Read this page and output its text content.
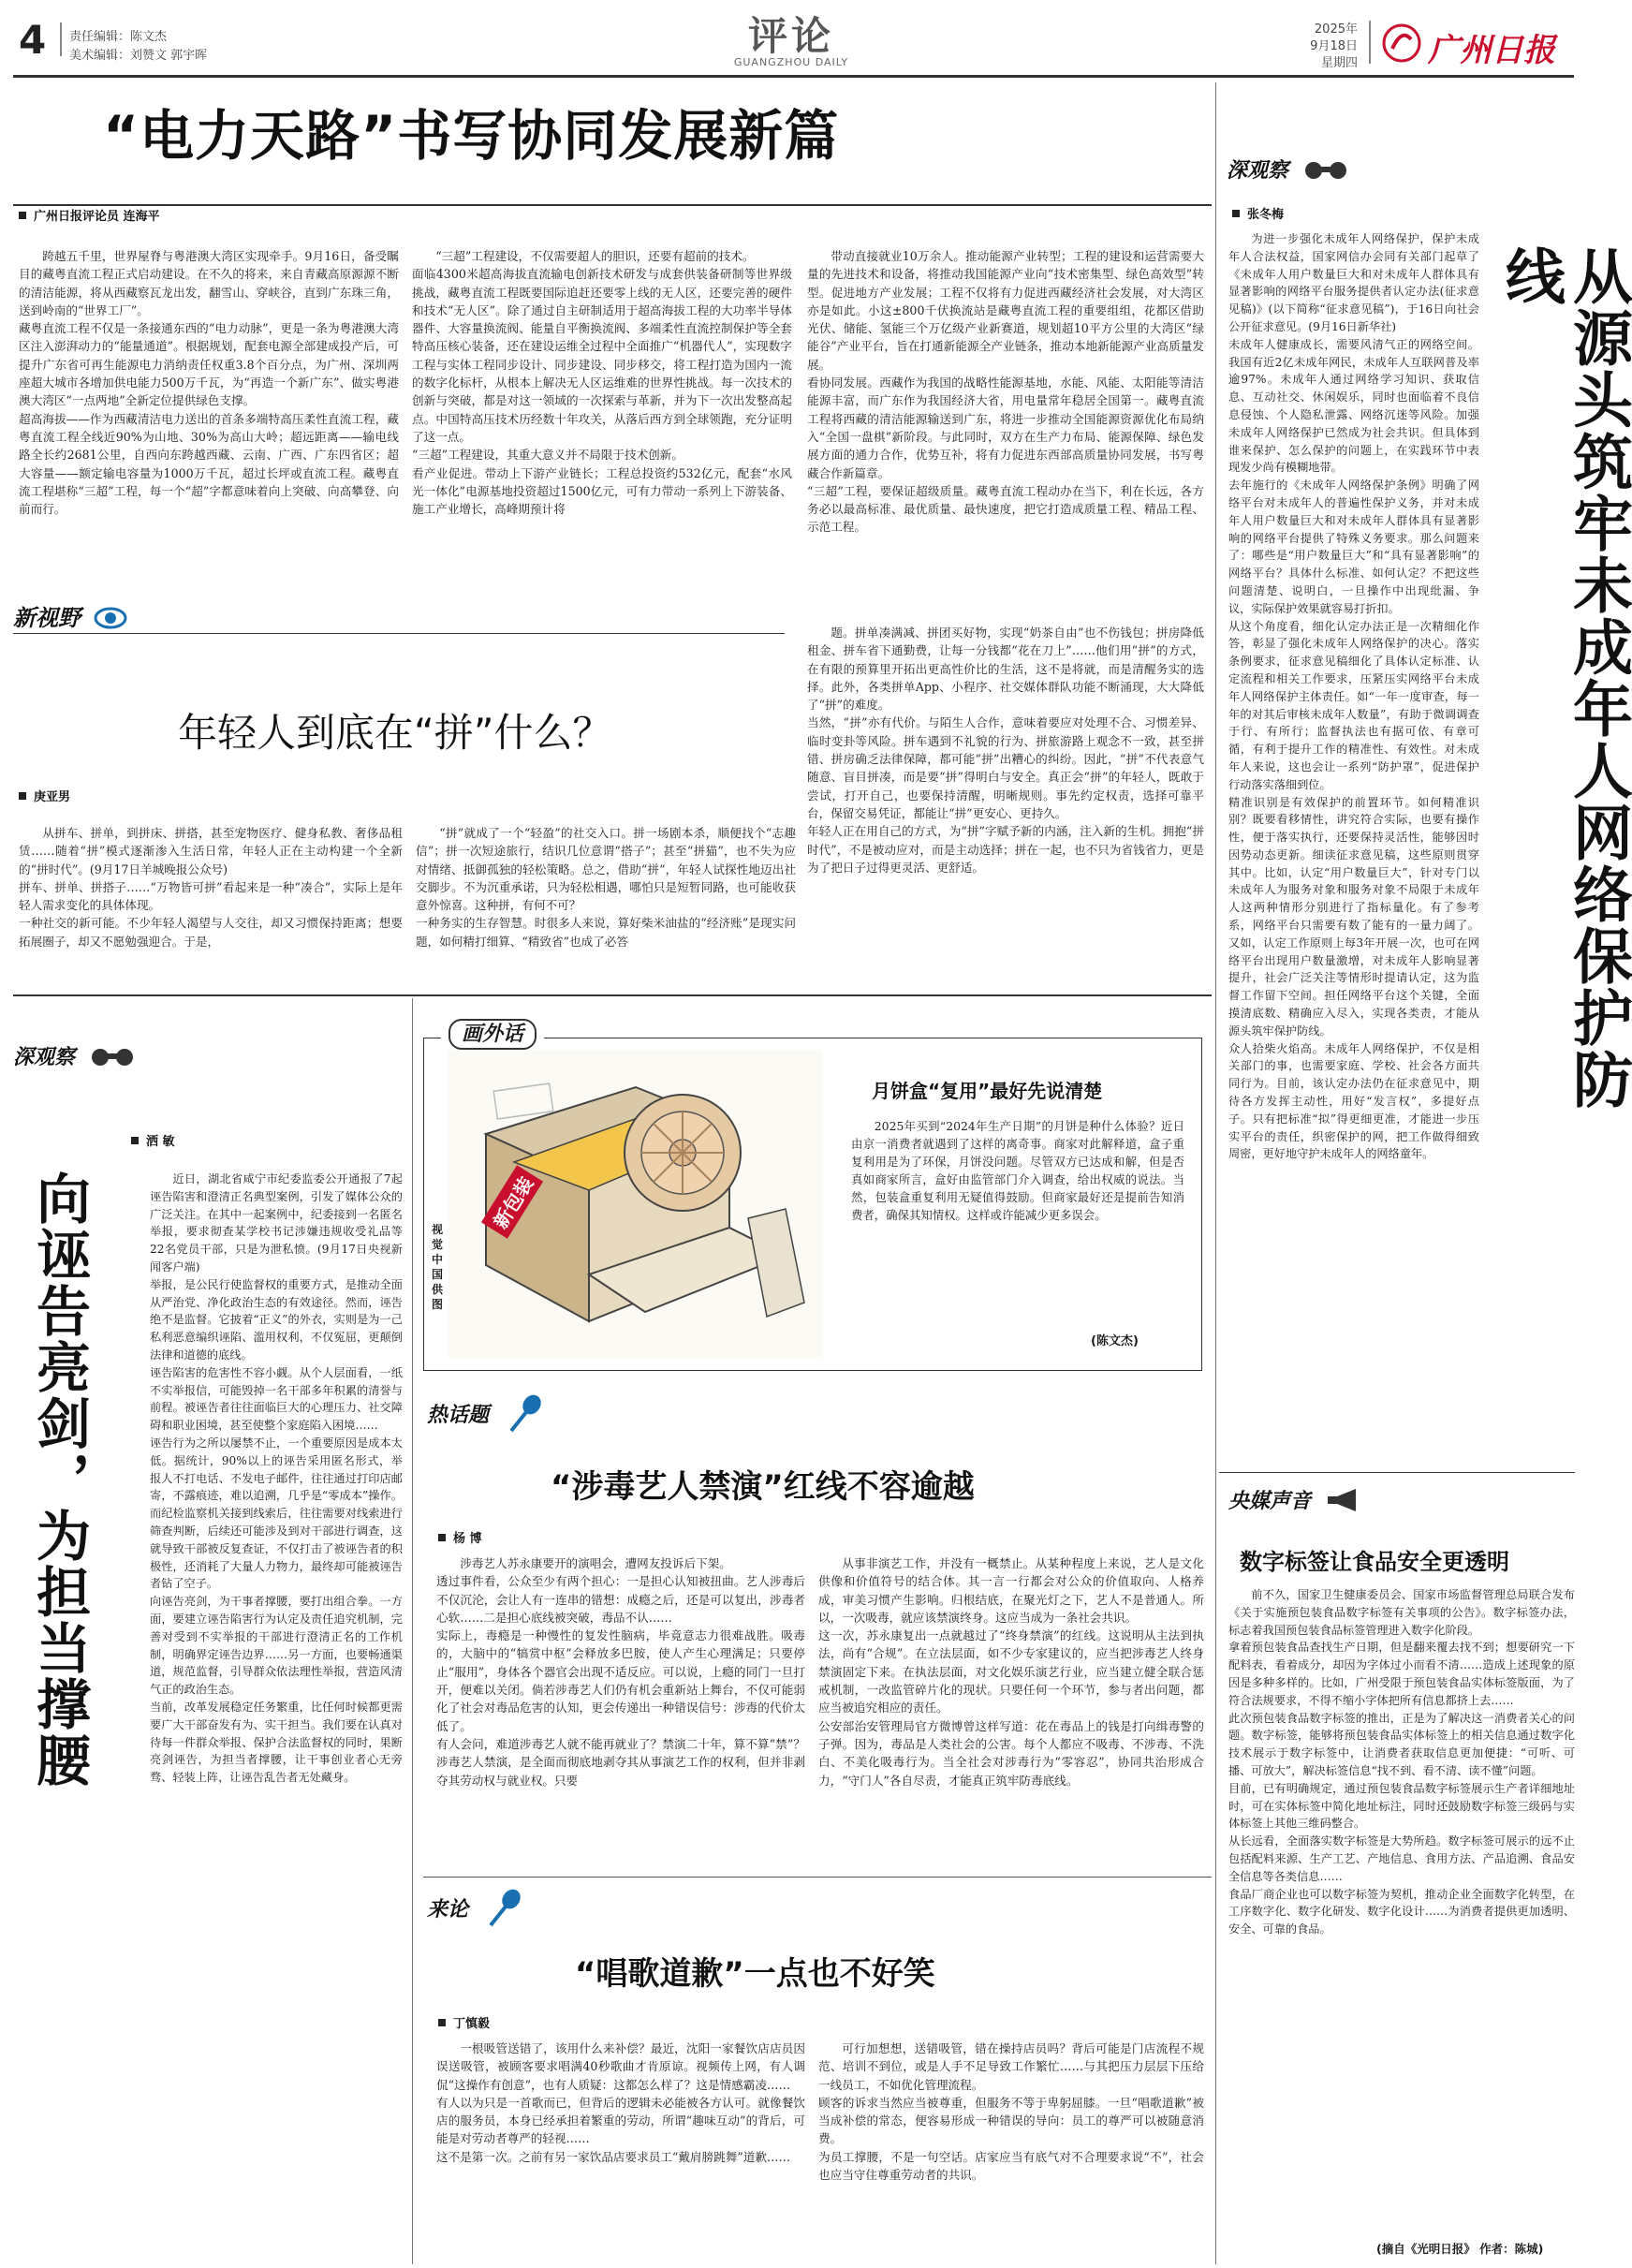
4 责任编辑：陈文杰
美术编辑：刘赞文 郭宇晖	评论
GUANGZHOU DAILY
2025年
9月18日
星期四 广州日报
“电力天路”书写协同发展新篇
广州日报评论员 连海平
跨越五千里，世界屋脊与粤港澳大湾区实现牵手。9月16日，备受瞩目的藏粤直流工程正式启动建设。在不久的将来，来自青藏高原源源不断的清洁能源，将从西藏察瓦龙出发，翻雪山、穿峡谷，直到广东珠三角，送到岭南的“世界工厂”。
藏粤直流工程不仅是一条接通东西的“电力动脉”，更是一条为粤港澳大湾区注入澎湃动力的“能量通道”。根据规划，配套电源全部建成投产后，可提升广东省可再生能源电力消纳责任权重3.8个百分点，为广州、深圳两座超大城市各增加供电能力500万千瓦，为“再造一个新广东”、做实粤港澳大湾区“一点两地”全新定位提供绿色支撑。
超高海拔——作为西藏清洁电力送出的首条多端特高压柔性直流工程，藏粤直流工程全线近90%为山地、30%为高山大岭；超远距离——输电线路全长约2681公里，自西向东跨越西藏、云南、广西、广东四省区；超大容量——额定输电容量为1000万千瓦，超过长坪或直流工程。藏粤直流工程堪称“三超”工程，每一个“超”字都意味着向上突破、向高攀登、向前而行。
“三超”工程建设，不仅需要超人的胆识，还要有超前的技术。
面临4300米超高海拔直流输电创新技术研发与成套供装备研制等世界级挑战，藏粤直流工程既要国际追赶还要零上线的无人区，还要完善的硬件和技术“无人区”。除了通过自主研制适用于超高海拔工程的大功率半导体器件、大容量换流阀、能量自平衡换流阀、多端柔性直流控制保护等全套特高压核心装备，还在建设运维全过程中全面推广“机器代人”，实现数字工程与实体工程同步设计、同步建设、同步移交，将工程打造为国内一流的数字化标杆，从根本上解决无人区运维难的世界性挑战。每一次技术的创新与突破，都是对这一领域的一次探索与革新，并为下一次出发整高起点。中国特高压技术历经数十年攻关，从落后西方到全球领跑，充分证明了这一点。
“三超”工程建设，其重大意义并不局限于技术创新。
看产业促进。带动上下游产业链长；工程总投资约532亿元，配套“水风光一体化”电源基地投资超过1500亿元，可有力带动一系列上下游装备、施工产业增长，高峰期预计将
带动直接就业10万余人。推动能源产业转型；工程的建设和运营需要大量的先进技术和设备，将推动我国能源产业向“技术密集型、绿色高效型”转型。促进地方产业发展；工程不仅将有力促进西藏经济社会发展，对大湾区亦是如此。小这±800千伏换流站是藏粤直流工程的重要组组，花都区借助光伏、储能、氢能三个万亿级产业新赛道，规划超10平方公里的大湾区“绿能谷”产业平台，旨在打通新能源全产业链条，推动本地新能源产业高质量发展。
看协同发展。西藏作为我国的战略性能源基地，水能、风能、太阳能等清洁能源丰富，而广东作为我国经济大省，用电量常年稳居全国第一。藏粤直流工程将西藏的清洁能源输送到广东，将进一步推动全国能源资源优化布局纳入“全国一盘棋”新阶段。与此同时，双方在生产力布局、能源保障、绿色发展方面的通力合作，优势互补，将有力促进东西部高质量协同发展，书写粤藏合作新篇章。
“三超”工程，要保证超级质量。藏粤直流工程动办在当下，利在长远，各方务必以最高标准、最优质量、最快速度，把它打造成质量工程、精品工程、示范工程。
深观察
张冬梅
为进一步强化未成年人网络保护，保护未成年人合法权益，国家网信办会同有关部门起草了《未成年人用户数量巨大和对未成年人群体具有显著影响的网络平台服务提供者认定办法(征求意见稿)》(以下简称“征求意见稿”)，于16日向社会公开征求意见。(9月16日新华社)
未成年人健康成长，需要风清气正的网络空间。我国有近2亿未成年网民，未成年人互联网普及率逾97%。未成年人通过网络学习知识、获取信息、互动社交、休闲娱乐，同时也面临着不良信息侵蚀、个人隐私泄露、网络沉迷等风险。加强未成年人网络保护已然成为社会共识。但具体到谁来保护、怎么保护的问题上，在实践环节中表现发少尚有模糊地带。
去年施行的《未成年人网络保护条例》明确了网络平台对未成年人的普遍性保护义务，并对未成年人用户数量巨大和对未成年人群体具有显著影响的网络平台提供了特殊义务要求。那么问题来了：哪些是“用户数量巨大”和“具有显著影响”的网络平台？具体什么标准、如何认定？不把这些问题清楚、说明白，一旦操作中出现纰漏、争议，实际保护效果就容易打折扣。
从这个角度看，细化认定办法正是一次精细化作答，彰显了强化未成年人网络保护的决心。落实条例要求，征求意见稿细化了具体认定标准、认定流程和相关工作要求，压紧压实网络平台未成年人网络保护主体责任。如“一年一度审查，每一年的对其后审核未成年人数量”，有助于微调调查于行、有所行；监督执法也有据可依、有章可循，有利于提升工作的精准性、有效性。对未成年人来说，这也会让一系列“防护罩”，促进保护行动落实落细到位。
精准识别是有效保护的前置环节。如何精准识别？既要看移情性，讲究符合实际，也要有操作性，便于落实执行，还要保持灵活性，能够因时因势动态更新。细读征求意见稿，这些原则贯穿其中。比如，认定“用户数量巨大”，针对专门以未成年人为服务对象和服务对象不局限于未成年人这两种情形分别进行了指标量化。有了参考系，网络平台只需要有数了能有的一量力阔了。又如，认定工作原则上每3年开展一次，也可在网络平台出现用户数量激增，对未成年人影响显著提升，社会广泛关注等情形时提请认定，这为监督工作留下空间。担任网络平台这个关键，全面摸清底数、精确应入尽入，实现各类责，才能从源头筑牢保护防线。
众人拾柴火焰高。未成年人网络保护，不仅是相关部门的事，也需要家庭、学校、社会各方面共同行为。目前，该认定办法仍在征求意见中，期待各方发挥主动性，用好“发言权”，多提好点子。只有把标准“拟”得更细更准，才能进一步压实平台的责任，织密保护的网，把工作做得细致周密，更好地守护未成年人的网络童年。
从源头筑牢未成年人网络保护防线
新视野
年轻人到底在“拼”什么？
庚亚男
从拼车、拼单，到拼床、拼搭，甚至宠物医疗、健身私教、奢侈品租赁……随着“拼”模式逐渐渗入生活日常，年轻人正在主动构建一个全新的“拼时代”。(9月17日羊城晚报公众号)
拼车、拼单、拼搭子……“万物皆可拼”看起来是一种“凑合”，实际上是年轻人需求变化的具体体现。
一种社交的新可能。不少年轻人渴望与人交往，却又习惯保持距离；想要拓展圈子，却又不愿勉强迎合。于是，
“拼”就成了一个“轻盈”的社交入口。拼一场剧本杀，顺便找个“志趣信”；拼一次短途旅行，结识几位意谓“搭子”；甚至“拼猫”，也不失为应对情绪、抵御孤独的轻松策略。总之，借助“拼”，年轻人试探性地迈出社交脚步。不为沉重承诺，只为轻松相遇，哪怕只是短暂同路，也可能收获意外惊喜。这种拼，有何不可？
一种务实的生存智慧。时很多人来说，算好柴米油盐的“经济账”是现实问题，如何精打细算、“精致省”也成了必答
题。拼单凑满减、拼团买好物，实现“奶茶自由”也不伤钱包；拼房降低租金、拼车省下通勤费，让每一分钱都“花在刀上”……他们用“拼”的方式，在有限的预算里开拓出更高性价比的生活，这不是将就，而是清醒务实的选择。此外，各类拼单App、小程序、社交媒体群队功能不断涌现，大大降低了“拼”的难度。
当然，“拼”亦有代价。与陌生人合作，意味着要应对处理不合、习惯差异、临时变卦等风险。拼车遇到不礼貌的行为、拼旅游路上观念不一致，甚至拼错、拼房确乏法律保障，都可能“拼”出糟心的纠纷。因此，“拼”不代表意气随意、盲目拼凑，而是要“拼”得明白与安全。真正会“拼”的年轻人，既敢于尝试，打开自己，也要保持清醒，明晰规则。事先约定权责，选择可靠平台，保留交易凭证，都能让“拼”更安心、更持久。
年轻人正在用自己的方式，为“拼”字赋予新的内涵，注入新的生机。拥抱“拼时代”，不是被动应对，而是主动选择；拼在一起，也不只为省钱省力，更是为了把日子过得更灵活、更舒适。
深观察
洒 敏
向诬告亮剑，为担当撑腰	近日，湖北省咸宁市纪委监委公开通报了7起诬告陷害和澄清正名典型案例，引发了媒体公众的广泛关注。在其中一起案例中，纪委接到一名匿名举报，要求彻查某学校书记涉嫌违规收受礼品等22名党员干部，只是为泄私愤。(9月17日央视新闻客户端)
举报，是公民行使监督权的重要方式，是推动全面从严治党、净化政治生态的有效途径。然而，诬告绝不是监督。它披着“正义”的外衣，实则是为一己私利恶意编织诬陷、滥用权利，不仅冤屈，更颠倒法律和道德的底线。
诬告陷害的危害性不容小觑。从个人层面看，一纸不实举报信，可能毁掉一名干部多年积累的清誉与前程。被诬告者往往面临巨大的心理压力、社交障碍和职业困境，甚至使整个家庭陷入困境……
诬告行为之所以屡禁不止，一个重要原因是成本太低。据统计，90%以上的诬告采用匿名形式，举报人不打电话、不发电子邮件，往往通过打印店邮寄，不露痕迹，难以追溯，几乎是“零成本”操作。而纪检监察机关接到线索后，往往需要对线索进行筛查判断，后续还可能涉及到对干部进行调查，这就导致干部被反复查证，不仅打击了被诬告者的积极性，还消耗了大量人力物力，最终却可能被诬告者钻了空子。
向诬告亮剑，为干事者撑腰，要打出组合拳。一方面，要建立诬告陷害行为认定及责任追究机制，完善对受到不实举报的干部进行澄清正名的工作机制，明确界定诬告边界……另一方面，也要畅通渠道，规范监督，引导群众依法理性举报，营造风清气正的政治生态。
当前，改革发展稳定任务繁重，比任何时候都更需要广大干部奋发有为、实干担当。我们要在认真对待每一件群众举报、保护合法监督权的同时，果断亮剑诬告，为担当者撑腰，让干事创业者心无旁骛、轻装上阵，让诬告乱告者无处藏身。
画外话
视觉中国 供图
新包装
月饼盒“复用”最好先说清楚
2025年买到“2024年生产日期”的月饼是种什么体验？近日由京一消费者就遇到了这样的离奇事。商家对此解释道，盒子重复利用是为了环保，月饼没问题。尽管双方已达成和解，但是否真如商家所言，盒好由监管部门介入调查，给出权威的说法。当然，包装盒重复利用无疑值得鼓励。但商家最好还是提前告知消费者，确保其知情权。这样或许能减少更多误会。
(陈文杰)
热话题
“涉毒艺人禁演”红线不容逾越
杨 博
涉毒艺人苏永康要开的演唱会，遭网友投诉后下架。
透过事件看，公众至少有两个担心：一是担心认知被扭曲。艺人涉毒后不仅沉沦，会让人有一连串的错想：成瘾之后，还是可以复出，涉毒者心软……二是担心底线被突破，毒品不认……
实际上，毒瘾是一种慢性的复发性脑病，毕竟意志力很难战胜。吸毒的，大脑中的“犒赏中枢”会释放多巴胺，使人产生心理满足；只要停止“服用”，身体各个器官会出现不适反应。可以说，上瘾的同门一旦打开，便难以关闭。倘若涉毒艺人们仍有机会重新站上舞台，不仅可能弱化了社会对毒品危害的认知，更会传递出一种错误信号：涉毒的代价太低了。
有人会问，难道涉毒艺人就不能再就业了？禁演二十年，算不算“禁”？涉毒艺人禁演，是全面而彻底地剥夺其从事演艺工作的权利，但并非剥夺其劳动权与就业权。只要
从事非演艺工作，并没有一概禁止。从某种程度上来说，艺人是文化供像和价值符号的结合体。其一言一行都会对公众的价值取向、人格养成，审美习惯产生影响。归根结底，在聚光灯之下，艺人不是普通人。所以，一次吸毒，就应该禁演终身。这应当成为一条社会共识。
这一次，苏永康复出一点就越过了“终身禁演”的红线。这说明从主法到执法，尚有“合规”。在立法层面，如不少专家建议的，应当把涉毒艺人终身禁演固定下来。在执法层面，对文化娱乐演艺行业，应当建立健全联合惩戒机制，一改监管碎片化的现状。只要任何一个环节，参与者出问题，都应当被追究相应的责任。
公安部治安管理局官方微博曾这样写道：花在毒品上的钱是打向缉毒警的子弹。因为，毒品是人类社会的公害。每个人都应不吸毒、不涉毒、不洗白、不美化吸毒行为。当全社会对涉毒行为“零容忍”，协同共治形成合力，“守门人”各自尽责，才能真正筑牢防毒底线。
来论
“唱歌道歉”一点也不好笑
丁慎毅
一根吸管送错了，该用什么来补偿？最近，沈阳一家餐饮店店员因误送吸管，被顾客要求唱满40秒歌曲才肯原谅。视频传上网，有人调侃“这操作有创意”，也有人质疑：这都怎么样了？这是情感霸凌……
有人以为只是一首歌而已，但背后的逻辑未必能被各方认可。就像餐饮店的服务员，本身已经承担着繁重的劳动，所谓“趣味互动”的背后，可能是对劳动者尊严的轻视……
这不是第一次。之前有另一家饮品店要求员工“戴肩膀跳舞”道歉……
可行加想想，送错吸管，错在操持店员吗？背后可能是门店流程不规范、培训不到位，或是人手不足导致工作繁忙……与其把压力层层下压给一线员工，不如优化管理流程。
顾客的诉求当然应当被尊重，但服务不等于卑躬屈膝。一旦“唱歌道歉”被当成补偿的常态，便容易形成一种错误的导向：员工的尊严可以被随意消费。
为员工撑腰，不是一句空话。店家应当有底气对不合理要求说“不”，社会也应当守住尊重劳动者的共识。
央媒声音
数字标签让食品安全更透明
前不久，国家卫生健康委员会、国家市场监督管理总局联合发布《关于实施预包装食品数字标签有关事项的公告》。数字标签办法，标志着我国预包装食品标签管理进入数字化阶段。
拿着预包装食品查找生产日期，但是翻来覆去找不到；想要研究一下配料表，看着成分，却因为字体过小而看不清……造成上述现象的原因是多种多样的。比如，广州受限于预包装食品实体标签版面，为了符合法规要求，不得不缩小字体把所有信息都挤上去……
此次预包装食品数字标签的推出，正是为了解决这一消费者关心的问题。数字标签，能够将预包装食品实体标签上的相关信息通过数字化技术展示于数字标签中，让消费者获取信息更加便捷：“可听、可播、可放大”，解决标签信息“找不到、看不清、读不懂”问题。
目前，已有明确规定，通过预包装食品数字标签展示生产者详细地址时，可在实体标签中简化地址标注，同时还鼓励数字标签三级码与实体标签上其他三维码整合。
从长远看，全面落实数字标签是大势所趋。数字标签可展示的远不止包括配料来源、生产工艺、产地信息、食用方法、产品追溯、食品安全信息等各类信息……
食品厂商企业也可以数字标签为契机，推动企业全面数字化转型，在工序数字化、数字化研发、数字化设计……为消费者提供更加透明、安全、可靠的食品。
(摘自《光明日报》 作者：陈城)
